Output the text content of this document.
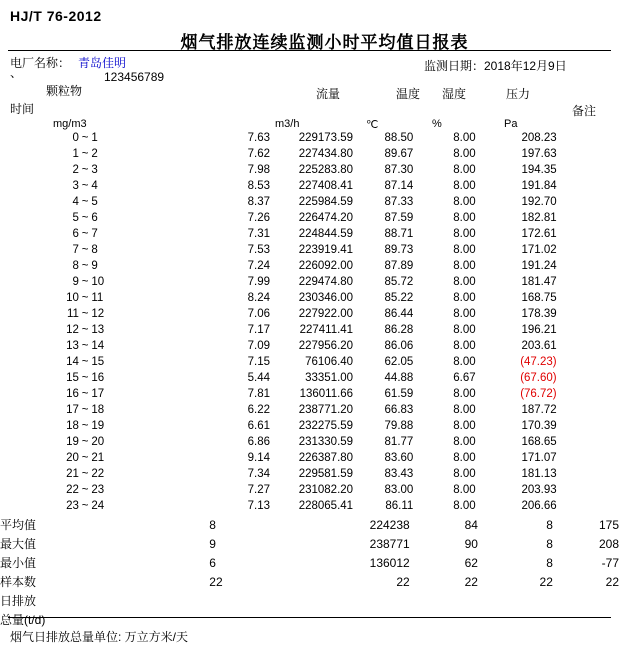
HJ/T 76-2012
烟气排放连续监测小时平均值日报表
电厂名称： 青岛佳明
、	123456789
监测日期：2018年12月9日
颗粒物	流量	温度 湿度	压力
时间	备注
mg/m3	m3/h	℃	%	Pa
0	~	1	7.63	229173.59	88.50	8.00	208.23	
1	~	2	7.62	227434.80	89.67	8.00	197.63	
2	~	3	7.98	225283.80	87.30	8.00	194.35	
3	~	4	8.53	227408.41	87.14	8.00	191.84	
4	~	5	8.37	225984.59	87.33	8.00	192.70	
5	~	6	7.26	226474.20	87.59	8.00	182.81	
6	~	7	7.31	224844.59	88.71	8.00	172.61	
7	~	8	7.53	223919.41	89.73	8.00	171.02	
8	~	9	7.24	226092.00	87.89	8.00	191.24	
9	~	10	7.99	229474.80	85.72	8.00	181.47	
10	~	11	8.24	230346.00	85.22	8.00	168.75	
11	~	12	7.06	227922.00	86.44	8.00	178.39	
12	~	13	7.17	227411.41	86.28	8.00	196.21	
13	~	14	7.09	227956.20	86.06	8.00	203.61	
14	~	15	7.15	76106.40	62.05	8.00	(47.23)	
15	~	16	5.44	33351.00	44.88	6.67	(67.60)	
16	~	17	7.81	136011.66	61.59	8.00	(76.72)	
17	~	18	6.22	238771.20	66.83	8.00	187.72	
18	~	19	6.61	232275.59	79.88	8.00	170.39	
19	~	20	6.86	231330.59	81.77	8.00	168.65	
20	~	21	9.14	226387.80	83.60	8.00	171.07	
21	~	22	7.34	229581.59	83.43	8.00	181.13	
22	~	23	7.27	231082.20	83.00	8.00	203.93	
23	~	24	7.13	228065.41	86.11	8.00	206.66	
平均值	8	224238	84	8	175
最大值	9	238771	90	8	208
最小值	6	136012	62	8	-77
样本数	22	22	22	22	22
日排放					
总量(t/d)					
烟气日排放总量单位: 万立方米/天
